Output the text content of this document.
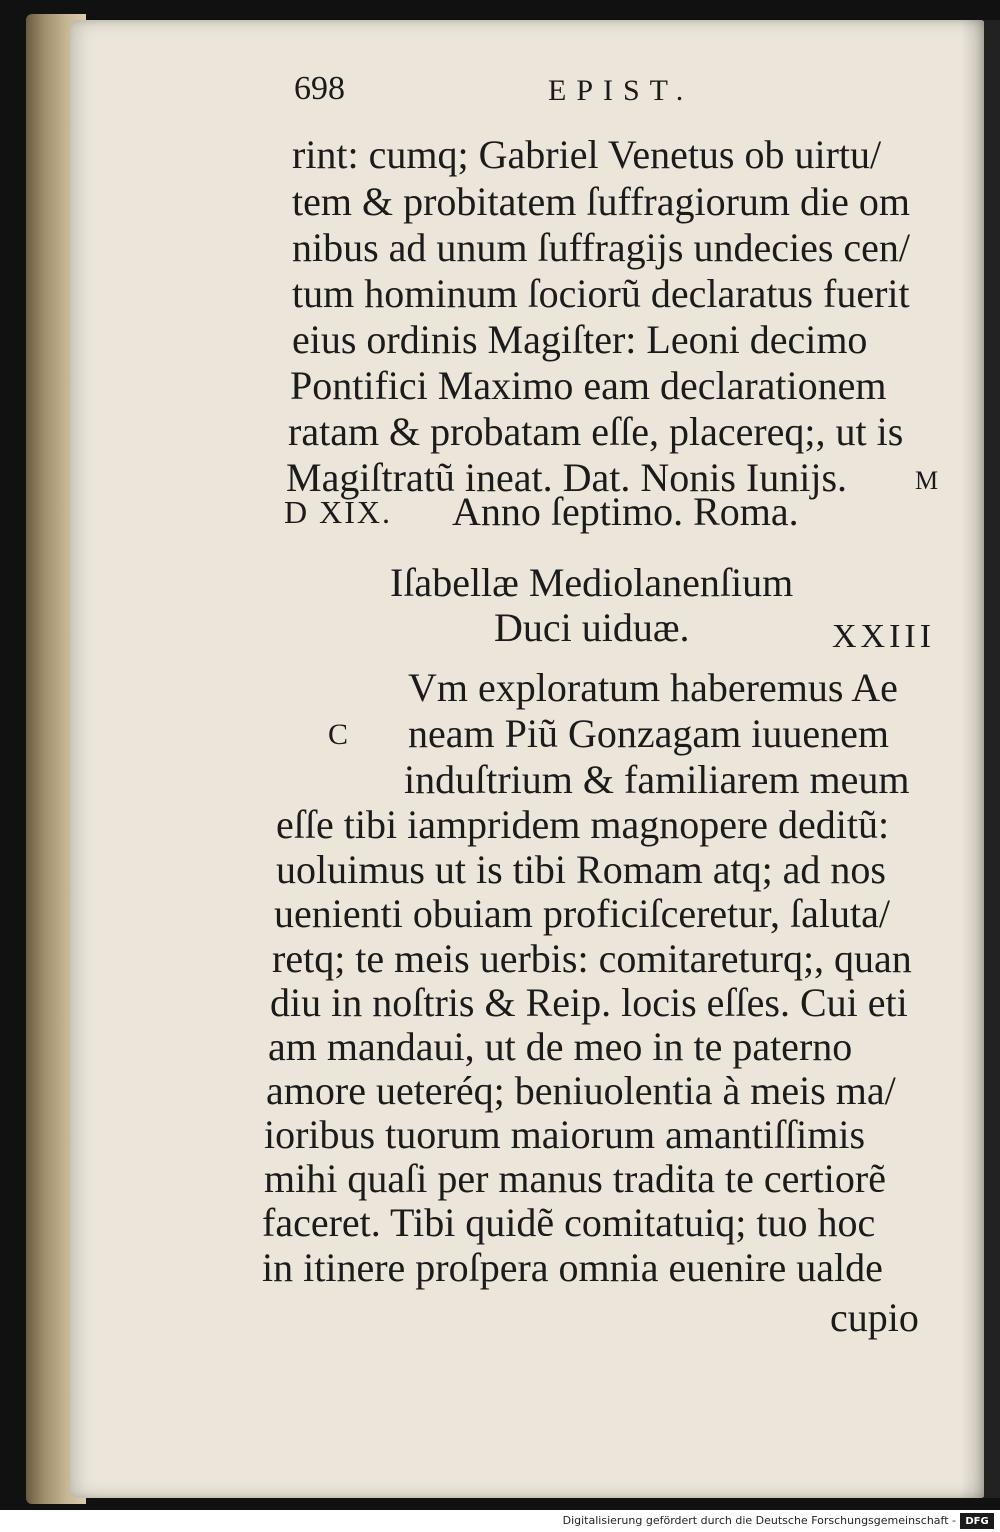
698	EPIST.
rint: cumq; Gabriel Venetus ob uirtu/
tem & probitatem ſuffragiorum die om
nibus ad unum ſuffragijs undecies cen/
tum hominum ſociorũ declaratus fuerit
eius ordinis Magiſter: Leoni decimo
Pontifici Maximo eam declarationem
ratam & probatam eſſe, placereq;, ut is
Magiſtratũ ineat. Dat. Nonis Iunijs.	M
D XIX. Anno ſeptimo. Roma.
Iſabellæ Mediolanenſium
Duci uiduæ.	XXIII
C
Vm exploratum haberemus Ae
neam Piũ Gonzagam iuuenem
induſtrium & familiarem meum
eſſe tibi iampridem magnopere deditũ:
uoluimus ut is tibi Romam atq; ad nos
uenienti obuiam proficiſceretur, ſaluta/
retq; te meis uerbis: comitareturq;, quan
diu in noſtris & Reip. locis eſſes. Cui eti
am mandaui, ut de meo in te paterno
amore ueteréq; beniuolentia à meis ma/
ioribus tuorum maiorum amantiſſimis
mihi quaſi per manus tradita te certiorẽ
faceret. Tibi quidẽ comitatuiq; tuo hoc
in itinere proſpera omnia euenire ualde
cupio
Digitalisierung gefördert durch die Deutsche Forschungsgemeinschaft - DFG
